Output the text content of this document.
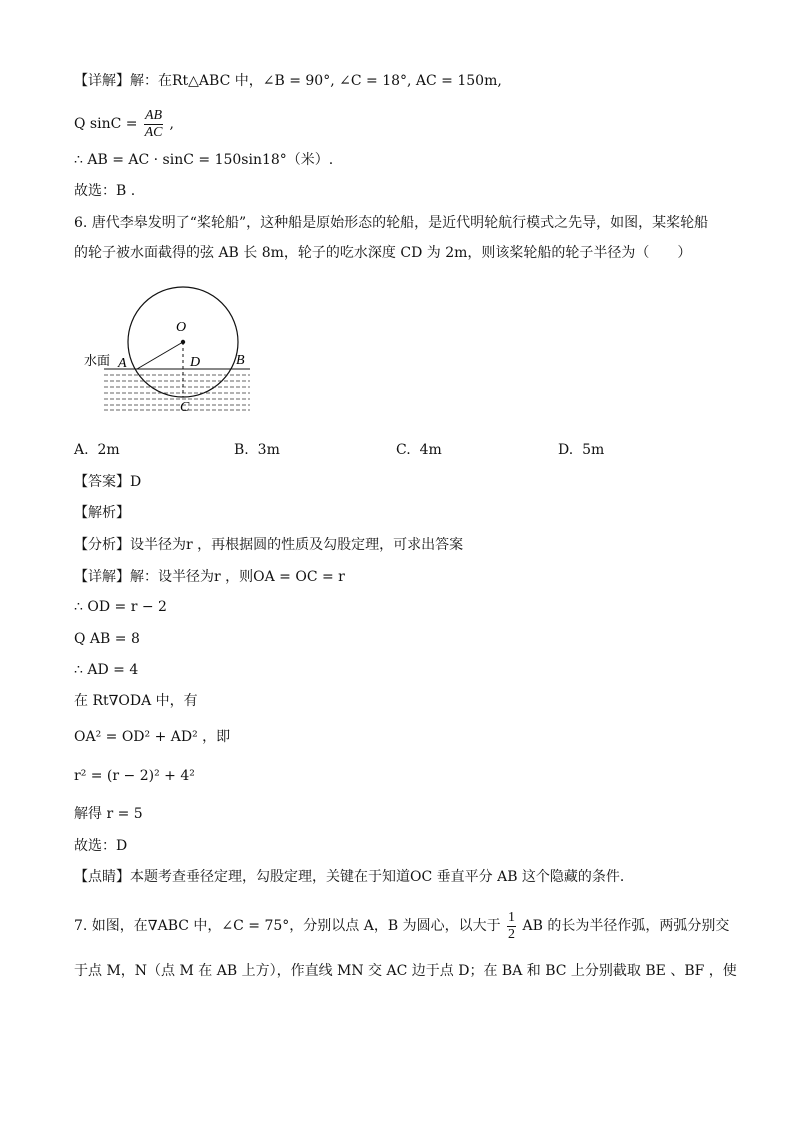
【详解】解：在Rt△ABC 中，∠B = 90°, ∠C = 18°, AC = 150m,
Q $\sin C = \frac{AB}{AC}$ ,
∴ AB = AC · sinC = 150sin18°（米）.
故选：B .
6. 唐代李皋发明了“桨轮船”，这种船是原始形态的轮船，是近代明轮航行模式之先导，如图，某桨轮船
的轮子被水面截得的弦 AB 长 8m，轮子的吃水深度 CD 为 2m，则该桨轮船的轮子半径为（　　）
O
水面 A	B
D
C
A. 2m	B. 3m	C. 4m	D. 5m
【答案】D
【解析】
【分析】设半径为r ，再根据圆的性质及勾股定理，可求出答案
【详解】解：设半径为r ，则OA = OC = r
∴ OD = r − 2
Q AB = 8
∴ AD = 4
在 Rt∇ODA 中，有
OA² = OD² + AD² ，即
r² = (r − 2)² + 4²
解得 r = 5
故选：D
【点睛】本题考查垂径定理，勾股定理，关键在于知道OC 垂直平分 AB 这个隐藏的条件．
7. 如图，在∇ABC 中，∠C = 75°，分别以点 A，B 为圆心，以大于 $\frac{1}{2}$ AB 的长为半径作弧，两弧分别交
于点 M，N（点 M 在 AB 上方），作直线 MN 交 AC 边于点 D；在 BA 和 BC 上分别截取 BE 、BF ，使
